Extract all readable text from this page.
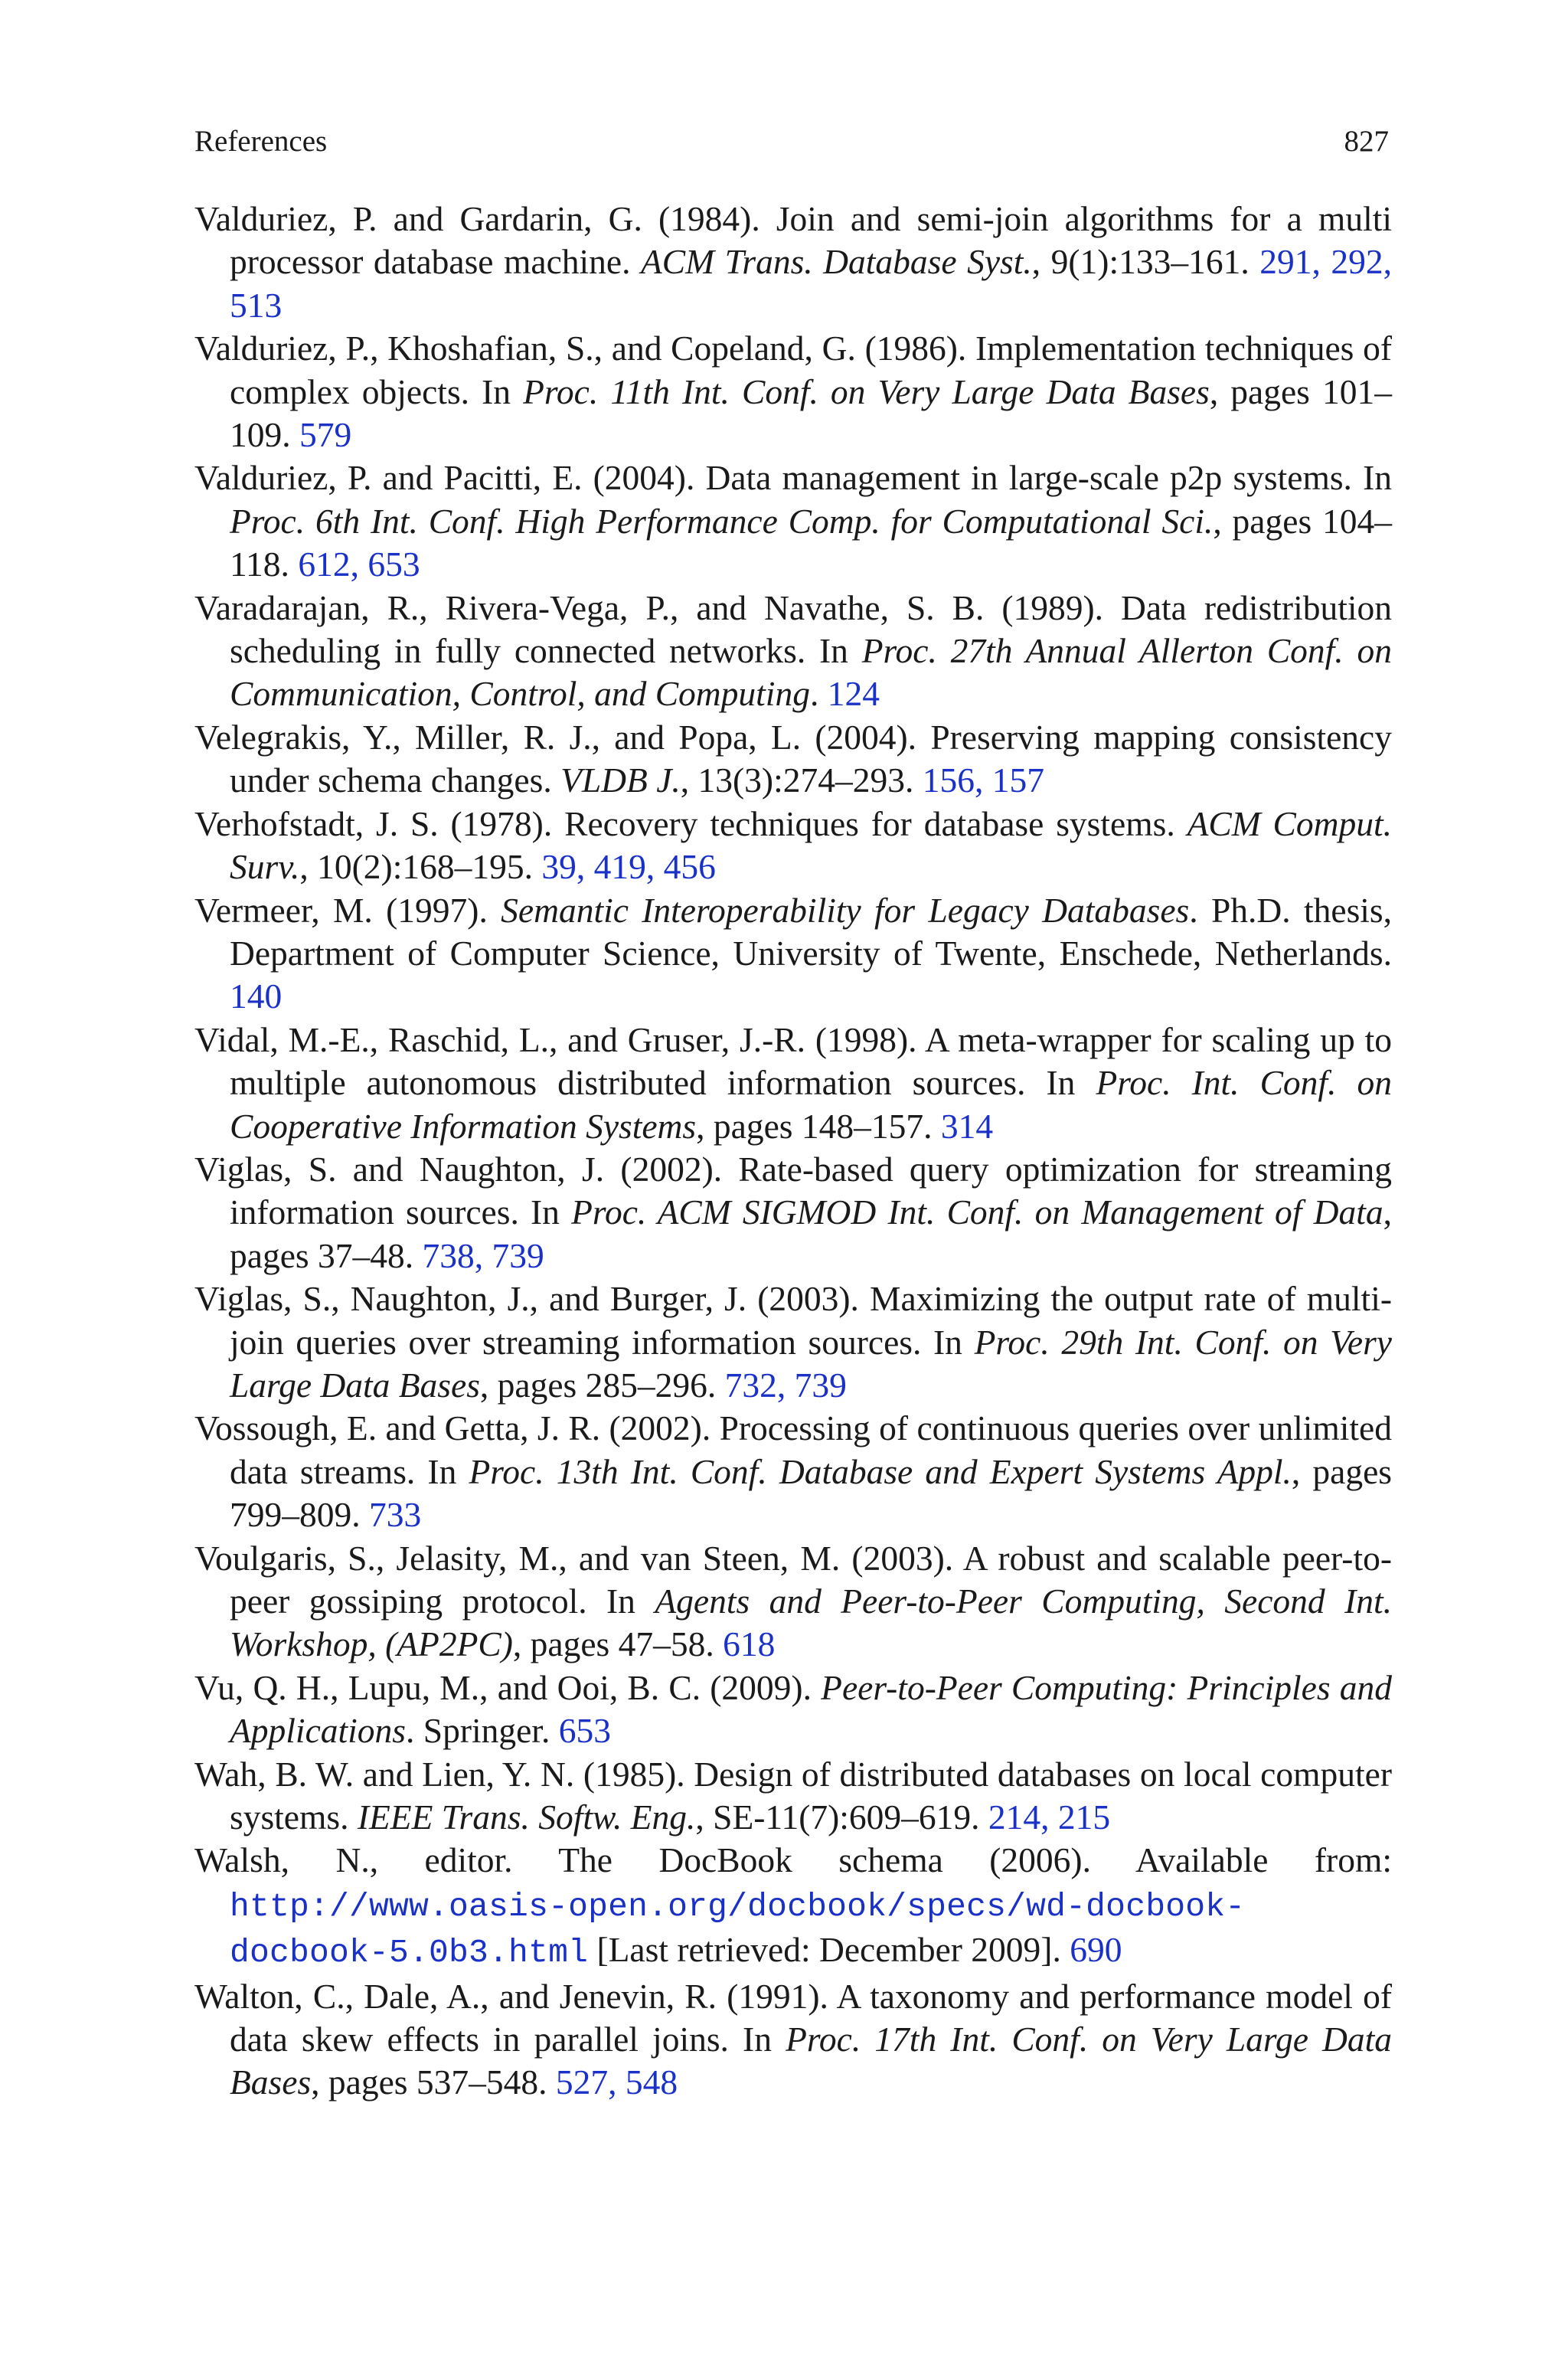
References	827

Valduriez, P. and Gardarin, G. (1984). Join and semi-join algorithms for a multi processor database machine. ACM Trans. Database Syst., 9(1):133–161. 291, 292, 513

Valduriez, P., Khoshafian, S., and Copeland, G. (1986). Implementation techniques of complex objects. In Proc. 11th Int. Conf. on Very Large Data Bases, pages 101–109. 579

Valduriez, P. and Pacitti, E. (2004). Data management in large-scale p2p systems. In Proc. 6th Int. Conf. High Performance Comp. for Computational Sci., pages 104–118. 612, 653

Varadarajan, R., Rivera-Vega, P., and Navathe, S. B. (1989). Data redistribution scheduling in fully connected networks. In Proc. 27th Annual Allerton Conf. on Communication, Control, and Computing. 124

Velegrakis, Y., Miller, R. J., and Popa, L. (2004). Preserving mapping consistency under schema changes. VLDB J., 13(3):274–293. 156, 157

Verhofstadt, J. S. (1978). Recovery techniques for database systems. ACM Comput. Surv., 10(2):168–195. 39, 419, 456

Vermeer, M. (1997). Semantic Interoperability for Legacy Databases. Ph.D. thesis, Department of Computer Science, University of Twente, Enschede, Netherlands. 140

Vidal, M.-E., Raschid, L., and Gruser, J.-R. (1998). A meta-wrapper for scaling up to multiple autonomous distributed information sources. In Proc. Int. Conf. on Cooperative Information Systems, pages 148–157. 314

Viglas, S. and Naughton, J. (2002). Rate-based query optimization for streaming information sources. In Proc. ACM SIGMOD Int. Conf. on Management of Data, pages 37–48. 738, 739

Viglas, S., Naughton, J., and Burger, J. (2003). Maximizing the output rate of multi-join queries over streaming information sources. In Proc. 29th Int. Conf. on Very Large Data Bases, pages 285–296. 732, 739

Vossough, E. and Getta, J. R. (2002). Processing of continuous queries over unlimited data streams. In Proc. 13th Int. Conf. Database and Expert Systems Appl., pages 799–809. 733

Voulgaris, S., Jelasity, M., and van Steen, M. (2003). A robust and scalable peer-to-peer gossiping protocol. In Agents and Peer-to-Peer Computing, Second Int. Workshop, (AP2PC), pages 47–58. 618

Vu, Q. H., Lupu, M., and Ooi, B. C. (2009). Peer-to-Peer Computing: Principles and Applications. Springer. 653

Wah, B. W. and Lien, Y. N. (1985). Design of distributed databases on local computer systems. IEEE Trans. Softw. Eng., SE-11(7):609–619. 214, 215

Walsh, N., editor. The DocBook schema (2006). Available from: http://www.oasis-open.org/docbook/specs/wd-docbook-docbook-5.0b3.html [Last retrieved: December 2009]. 690

Walton, C., Dale, A., and Jenevin, R. (1991). A taxonomy and performance model of data skew effects in parallel joins. In Proc. 17th Int. Conf. on Very Large Data Bases, pages 537–548. 527, 548
